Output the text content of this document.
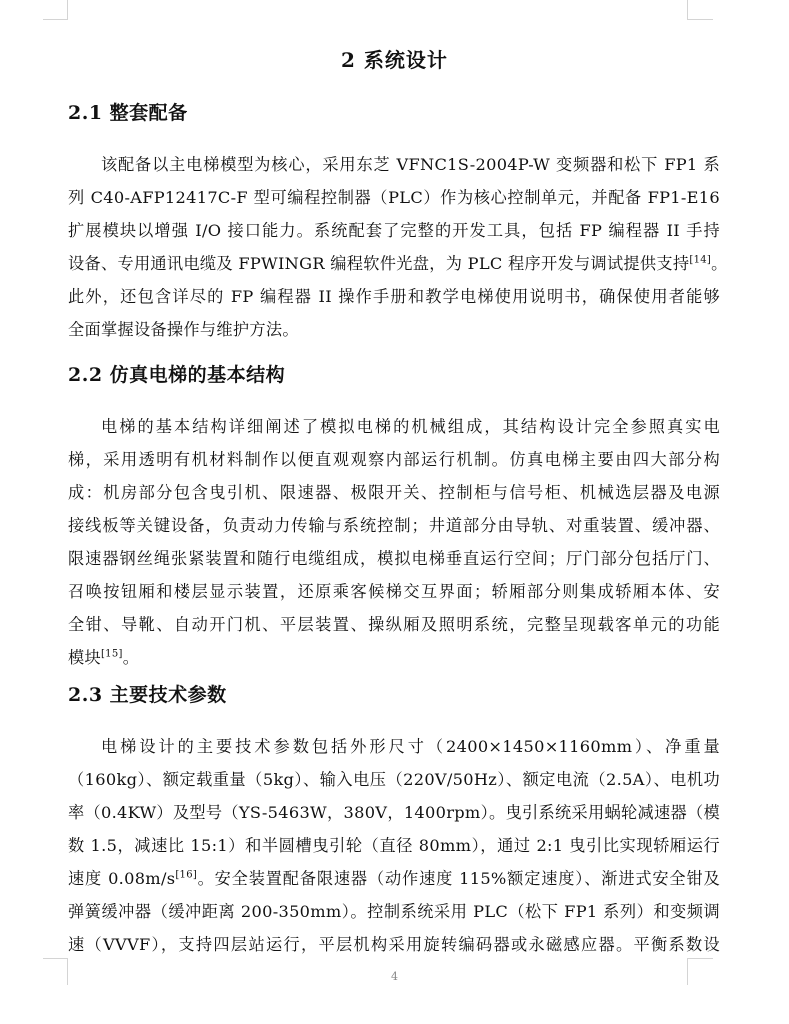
2 系统设计
2.1 整套配备
该配备以主电梯模型为核心，采用东芝 VFNC1S-2004P-W 变频器和松下 FP1 系
列 C40-AFP12417C-F 型可编程控制器（PLC）作为核心控制单元，并配备 FP1-E16
扩展模块以增强 I/O 接口能力。系统配套了完整的开发工具，包括 FP 编程器 II 手持
设备、专用通讯电缆及 FPWINGR 编程软件光盘，为 PLC 程序开发与调试提供支持[14]。
此外，还包含详尽的 FP 编程器 II 操作手册和教学电梯使用说明书，确保使用者能够
全面掌握设备操作与维护方法。
2.2 仿真电梯的基本结构
电梯的基本结构详细阐述了模拟电梯的机械组成，其结构设计完全参照真实电
梯，采用透明有机材料制作以便直观观察内部运行机制。仿真电梯主要由四大部分构
成：机房部分包含曳引机、限速器、极限开关、控制柜与信号柜、机械选层器及电源
接线板等关键设备，负责动力传输与系统控制；井道部分由导轨、对重装置、缓冲器、
限速器钢丝绳张紧装置和随行电缆组成，模拟电梯垂直运行空间；厅门部分包括厅门、
召唤按钮厢和楼层显示装置，还原乘客候梯交互界面；轿厢部分则集成轿厢本体、安
全钳、导靴、自动开门机、平层装置、操纵厢及照明系统，完整呈现载客单元的功能
模块[15]。
2.3 主要技术参数
电梯设计的主要技术参数包括外形尺寸（2400×1450×1160mm）、净重量
（160kg）、额定载重量（5kg）、输入电压（220V/50Hz）、额定电流（2.5A）、电机功
率（0.4KW）及型号（YS-5463W，380V，1400rpm）。曳引系统采用蜗轮减速器（模
数 1.5，减速比 15:1）和半圆槽曳引轮（直径 80mm），通过 2:1 曳引比实现轿厢运行
速度 0.08m/s[16]。安全装置配备限速器（动作速度 115%额定速度）、渐进式安全钳及
弹簧缓冲器（缓冲距离 200-350mm）。控制系统采用 PLC（松下 FP1 系列）和变频调
速（VVVF），支持四层站运行，平层机构采用旋转编码器或永磁感应器。平衡系数设
4
